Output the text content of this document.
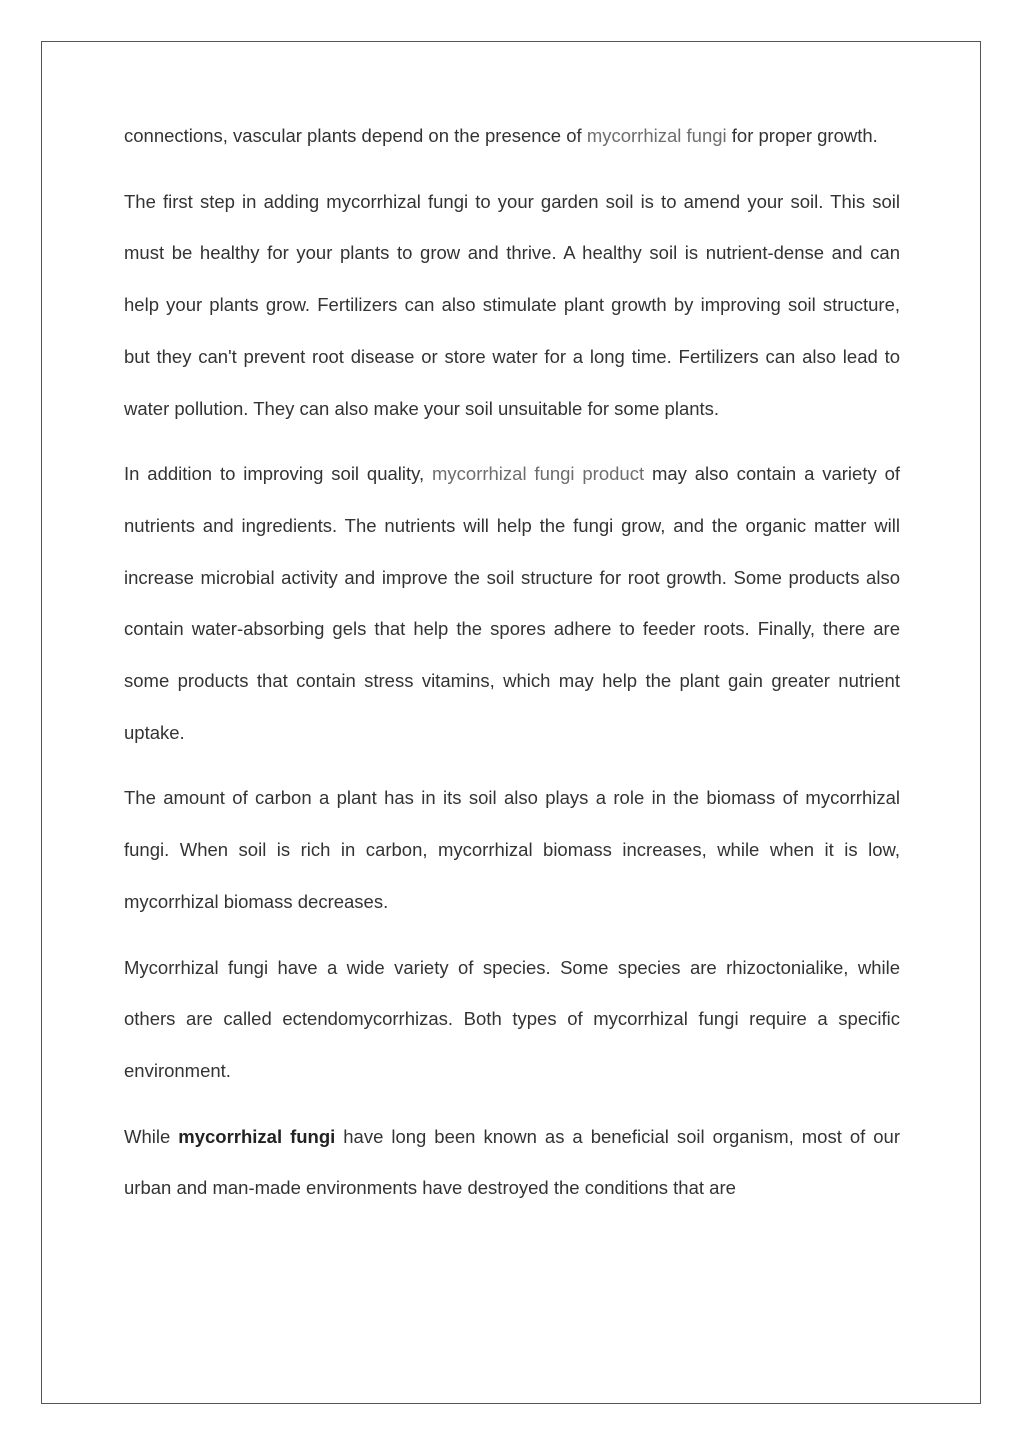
connections, vascular plants depend on the presence of mycorrhizal fungi for proper growth.

The first step in adding mycorrhizal fungi to your garden soil is to amend your soil. This soil must be healthy for your plants to grow and thrive. A healthy soil is nutrient-dense and can help your plants grow. Fertilizers can also stimulate plant growth by improving soil structure, but they can't prevent root disease or store water for a long time. Fertilizers can also lead to water pollution. They can also make your soil unsuitable for some plants.

In addition to improving soil quality, mycorrhizal fungi product may also contain a variety of nutrients and ingredients. The nutrients will help the fungi grow, and the organic matter will increase microbial activity and improve the soil structure for root growth. Some products also contain water-absorbing gels that help the spores adhere to feeder roots. Finally, there are some products that contain stress vitamins, which may help the plant gain greater nutrient uptake.

The amount of carbon a plant has in its soil also plays a role in the biomass of mycorrhizal fungi. When soil is rich in carbon, mycorrhizal biomass increases, while when it is low, mycorrhizal biomass decreases.

Mycorrhizal fungi have a wide variety of species. Some species are rhizoctonialike, while others are called ectendomycorrhizas. Both types of mycorrhizal fungi require a specific environment.

While mycorrhizal fungi have long been known as a beneficial soil organism, most of our urban and man-made environments have destroyed the conditions that are
